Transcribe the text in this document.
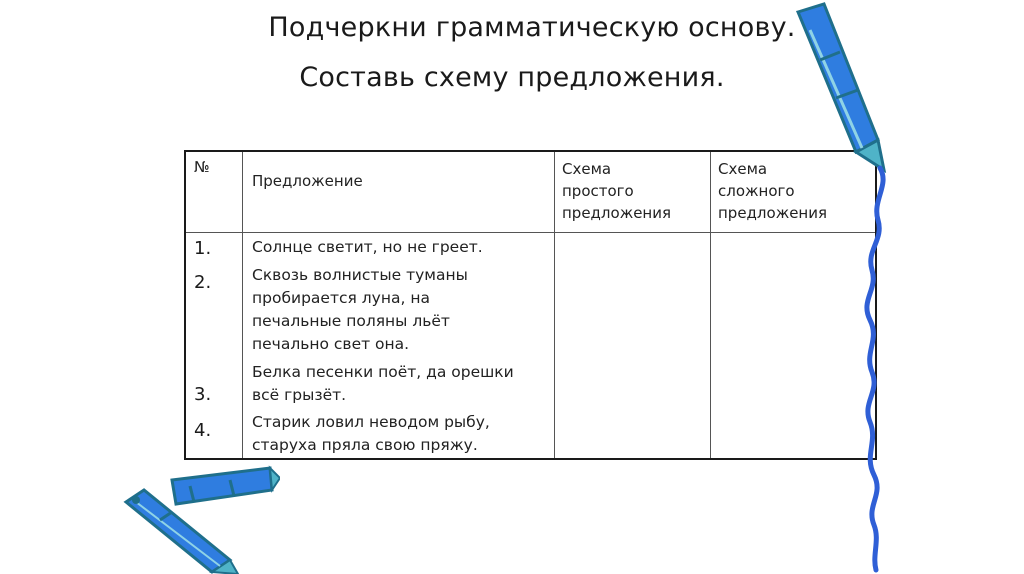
Подчеркни грамматическую основу.
Составь схему предложения.
№
Предложение
Схема
простого
предложения
Схема
сложного
предложения
1.
2.
3.
4.
Солнце светит, но не греет.
Сквозь волнистые туманы
пробирается луна, на
печальные поляны льёт
печально свет она.
Белка песенки поёт, да орешки
всё грызёт.
Старик ловил неводом рыбу,
старуха пряла свою пряжу.
